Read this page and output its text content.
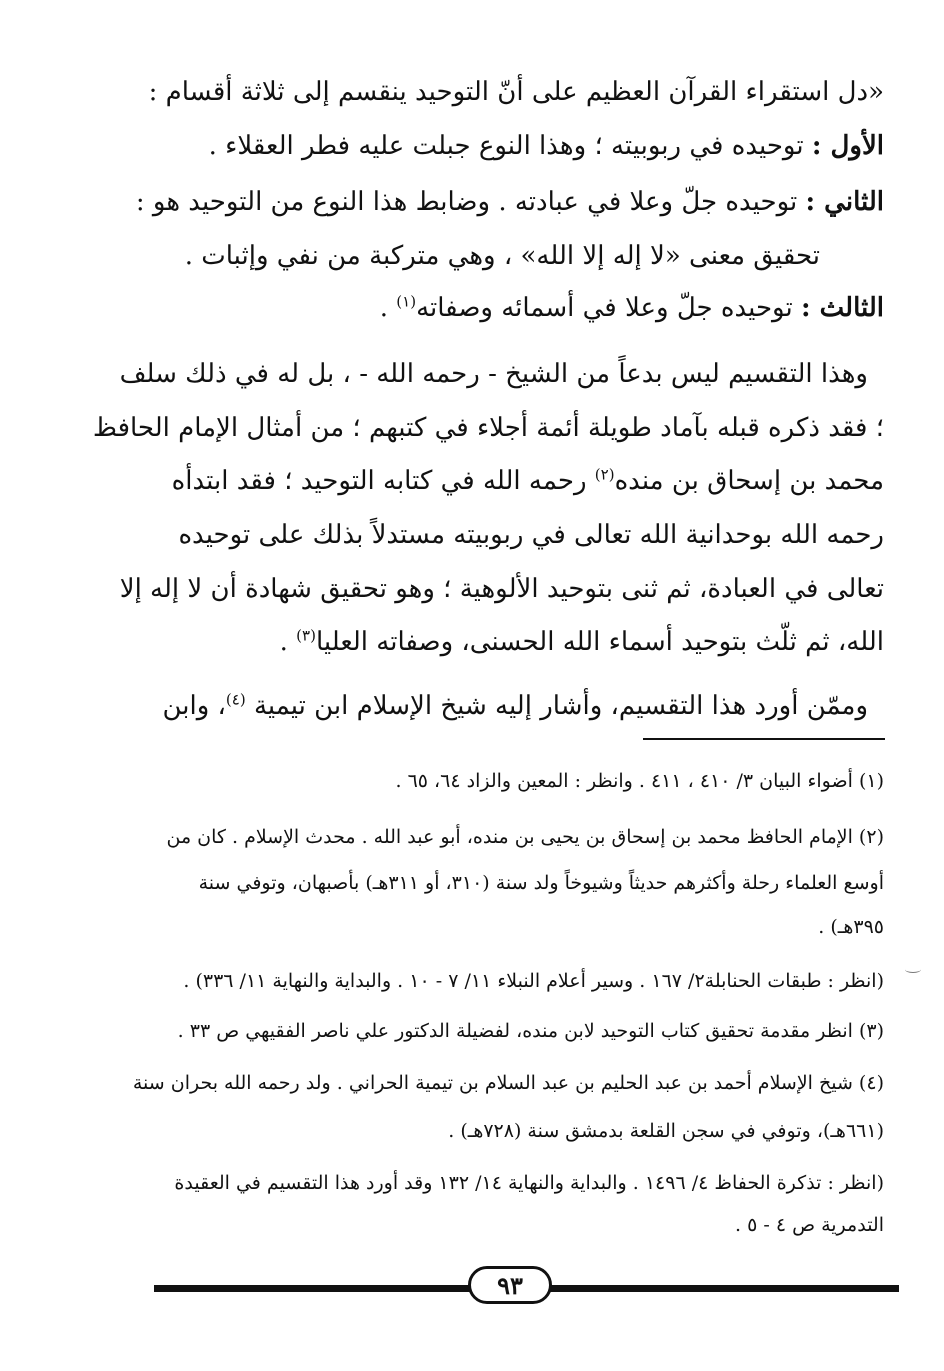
«دل استقراء القرآن العظيم على أنّ التوحيد ينقسم إلى ثلاثة أقسام :
الأول : توحيده في ربوبيته ؛ وهذا النوع جبلت عليه فطر العقلاء .
الثاني : توحيده جلّ وعلا في عبادته . وضابط هذا النوع من التوحيد هو :
تحقيق معنى «لا إله إلا الله» ، وهي متركبة من نفي وإثبات .
الثالث : توحيده جلّ وعلا في أسمائه وصفاته$^{(١)}$ .
وهذا التقسيم ليس بدعاً من الشيخ - رحمه الله - ، بل له في ذلك سلف
؛ فقد ذكره قبله بآماد طويلة أئمة أجلاء في كتبهم ؛ من أمثال الإمام الحافظ
محمد بن إسحاق بن منده$^{(٢)}$ رحمه الله في كتابه التوحيد ؛ فقد ابتدأه
رحمه الله بوحدانية الله تعالى في ربوبيته مستدلاً بذلك على توحيده
تعالى في العبادة، ثم ثنى بتوحيد الألوهية ؛ وهو تحقيق شهادة أن لا إله إلا
الله، ثم ثلّث بتوحيد أسماء الله الحسنى، وصفاته العليا$^{(٣)}$ .
وممّن أورد هذا التقسيم، وأشار إليه شيخ الإسلام ابن تيمية $^{(٤)}$، وابن
(١) أضواء البيان ٣/ ٤١٠ ، ٤١١ . وانظر : المعين والزاد ٦٤، ٦٥ .
(٢) الإمام الحافظ محمد بن إسحاق بن يحيى بن منده، أبو عبد الله . محدث الإسلام . كان من
أوسع العلماء رحلة وأكثرهم حديثاً وشيوخاً ولد سنة (٣١٠، أو ٣١١هـ) بأصبهان، وتوفي سنة
٣٩٥هـ) .
(انظر : طبقات الحنابلة٢/ ١٦٧ . وسير أعلام النبلاء ١١/ ٧ - ١٠ . والبداية والنهاية ١١/ ٣٣٦) .
(٣) انظر مقدمة تحقيق كتاب التوحيد لابن منده، لفضيلة الدكتور علي ناصر الفقيهي ص ٣٣ .
(٤) شيخ الإسلام أحمد بن عبد الحليم بن عبد السلام بن تيمية الحراني . ولد رحمه الله بحران سنة
(٦٦١هـ)، وتوفي في سجن القلعة بدمشق سنة (٧٢٨هـ) .
(انظر : تذكرة الحفاظ ٤/ ١٤٩٦ . والبداية والنهاية ١٤/ ١٣٢ وقد أورد هذا التقسيم في العقيدة
التدمرية ص ٤ - ٥ .
٩٣
